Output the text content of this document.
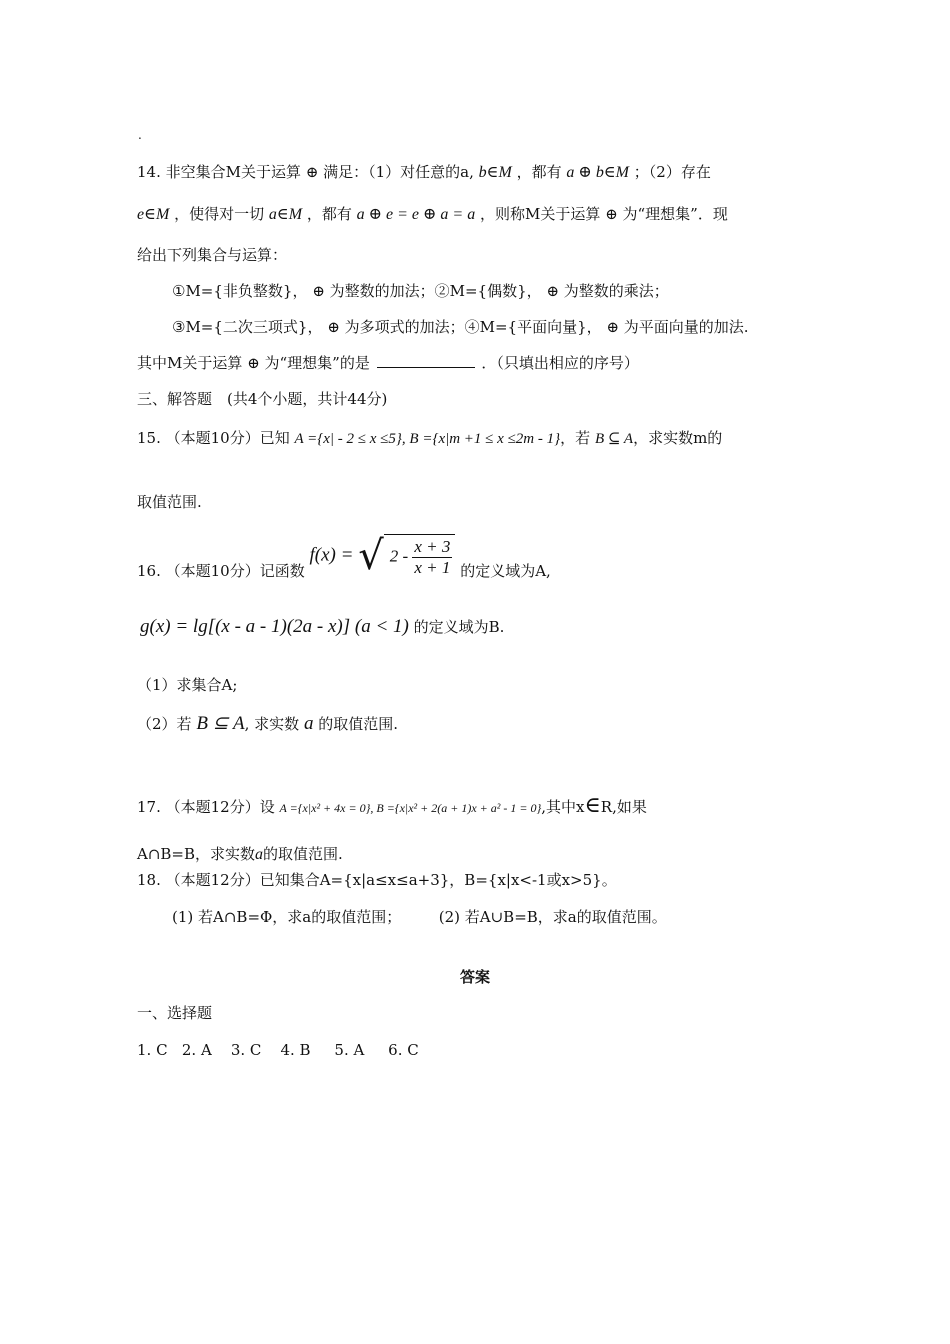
.
14. 非空集合M关于运算 ⊕ 满足：（1）对任意的a, b∈M ，都有 a ⊕ b∈M ；（2）存在
e∈M ，使得对一切 a∈M ，都有 a ⊕ e = e ⊕ a = a ，则称M关于运算 ⊕ 为“理想集”．现
给出下列集合与运算：
①M={非负整数}， ⊕ 为整数的加法；②M={偶数}， ⊕ 为整数的乘法；
③M={二次三项式}， ⊕ 为多项式的加法；④M={平面向量}， ⊕ 为平面向量的加法.
其中M关于运算 ⊕ 为“理想集”的是	．（只填出相应的序号）
三、解答题　(共4个小题，共计44分)
15. （本题10分）已知 A ={x| - 2 ≤ x ≤5}, B ={x|m +1 ≤ x ≤2m - 1}，若 B ⊆ A，求实数m的
取值范围.
16. （本题10分）记函数 f(x) = √ $2 - \frac{x + 3}{x + 1}$ 的定义域为A,
g(x) = lg[(x - a - 1)(2a - x)] (a < 1) 的定义域为B.
（1）求集合A;
（2）若 B ⊆ A, 求实数 a 的取值范围.
17. （本题12分）设 A ={x|x² + 4x = 0}, B ={x|x² + 2(a + 1)x + a² - 1 = 0},其中x∈R,如果
A∩B=B，求实数a的取值范围.
18. （本题12分）已知集合A={x|a≤x≤a+3}，B={x|x<-1或x>5}。
(1) 若A∩B=Φ，求a的取值范围；　　　(2) 若A∪B=B，求a的取值范围。
答案
一、选择题
1. C   2. A    3. C    4. B     5. A     6. C
